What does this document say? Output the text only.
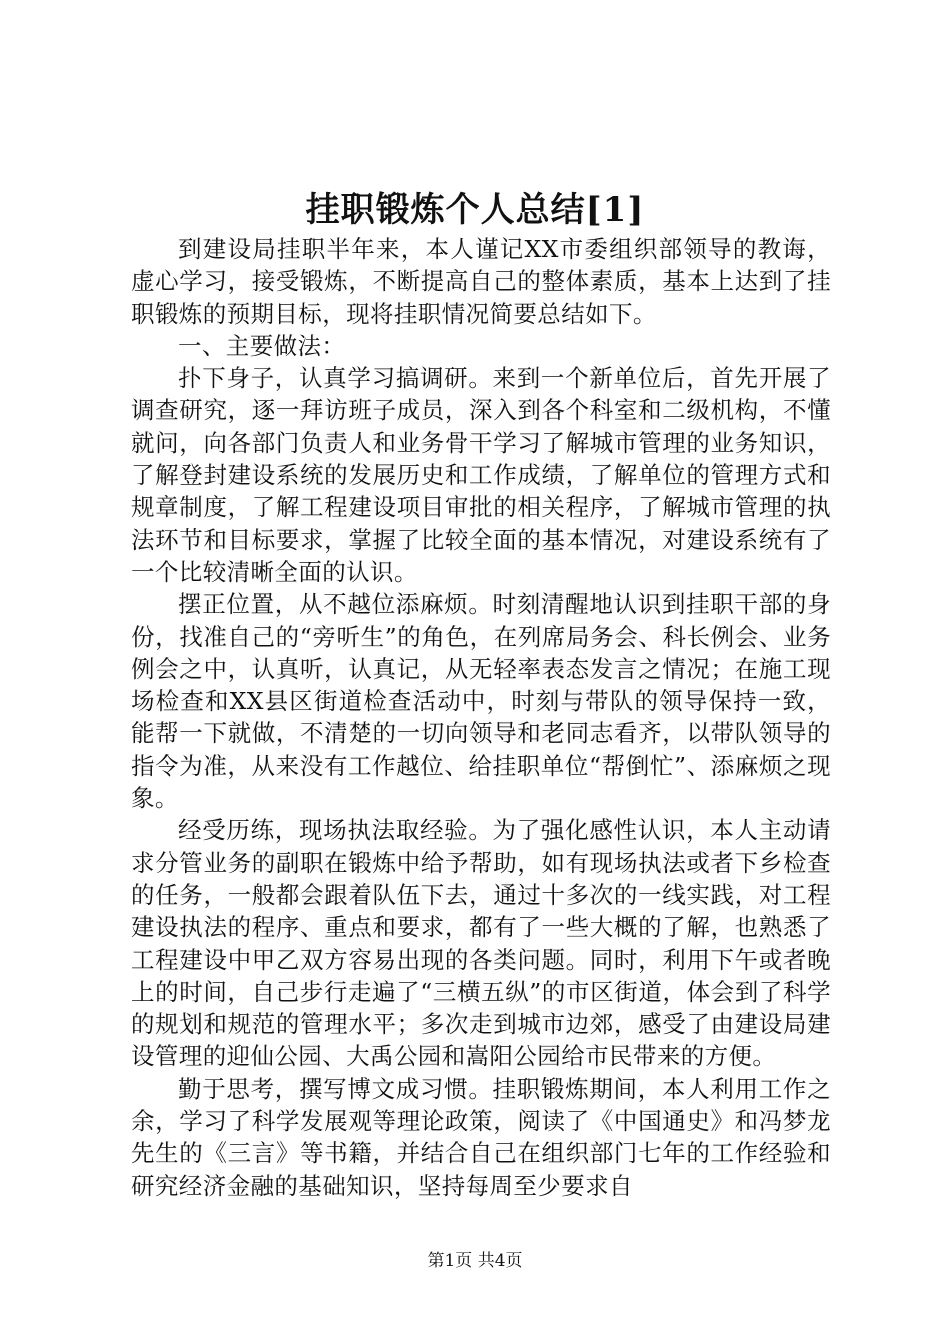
挂职锻炼个人总结[1]

到建设局挂职半年来，本人谨记XX市委组织部领导的教诲，虚心学习，接受锻炼，不断提高自己的整体素质，基本上达到了挂职锻炼的预期目标，现将挂职情况简要总结如下。

一、主要做法：

扑下身子，认真学习搞调研。来到一个新单位后，首先开展了调查研究，逐一拜访班子成员，深入到各个科室和二级机构，不懂就问，向各部门负责人和业务骨干学习了解城市管理的业务知识，了解登封建设系统的发展历史和工作成绩，了解单位的管理方式和规章制度，了解工程建设项目审批的相关程序，了解城市管理的执法环节和目标要求，掌握了比较全面的基本情况，对建设系统有了一个比较清晰全面的认识。

摆正位置，从不越位添麻烦。时刻清醒地认识到挂职干部的身份，找准自己的“旁听生”的角色，在列席局务会、科长例会、业务例会之中，认真听，认真记，从无轻率表态发言之情况；在施工现场检查和XX县区街道检查活动中，时刻与带队的领导保持一致，能帮一下就做，不清楚的一切向领导和老同志看齐，以带队领导的指令为准，从来没有工作越位、给挂职单位“帮倒忙”、添麻烦之现象。

经受历练，现场执法取经验。为了强化感性认识，本人主动请求分管业务的副职在锻炼中给予帮助，如有现场执法或者下乡检查的任务，一般都会跟着队伍下去，通过十多次的一线实践，对工程建设执法的程序、重点和要求，都有了一些大概的了解，也熟悉了工程建设中甲乙双方容易出现的各类问题。同时，利用下午或者晚上的时间，自己步行走遍了“三横五纵”的市区街道，体会到了科学的规划和规范的管理水平；多次走到城市边郊，感受了由建设局建设管理的迎仙公园、大禹公园和嵩阳公园给市民带来的方便。

勤于思考，撰写博文成习惯。挂职锻炼期间，本人利用工作之余，学习了科学发展观等理论政策，阅读了《中国通史》和冯梦龙先生的《三言》等书籍，并结合自己在组织部门七年的工作经验和研究经济金融的基础知识，坚持每周至少要求自

第1页 共4页
